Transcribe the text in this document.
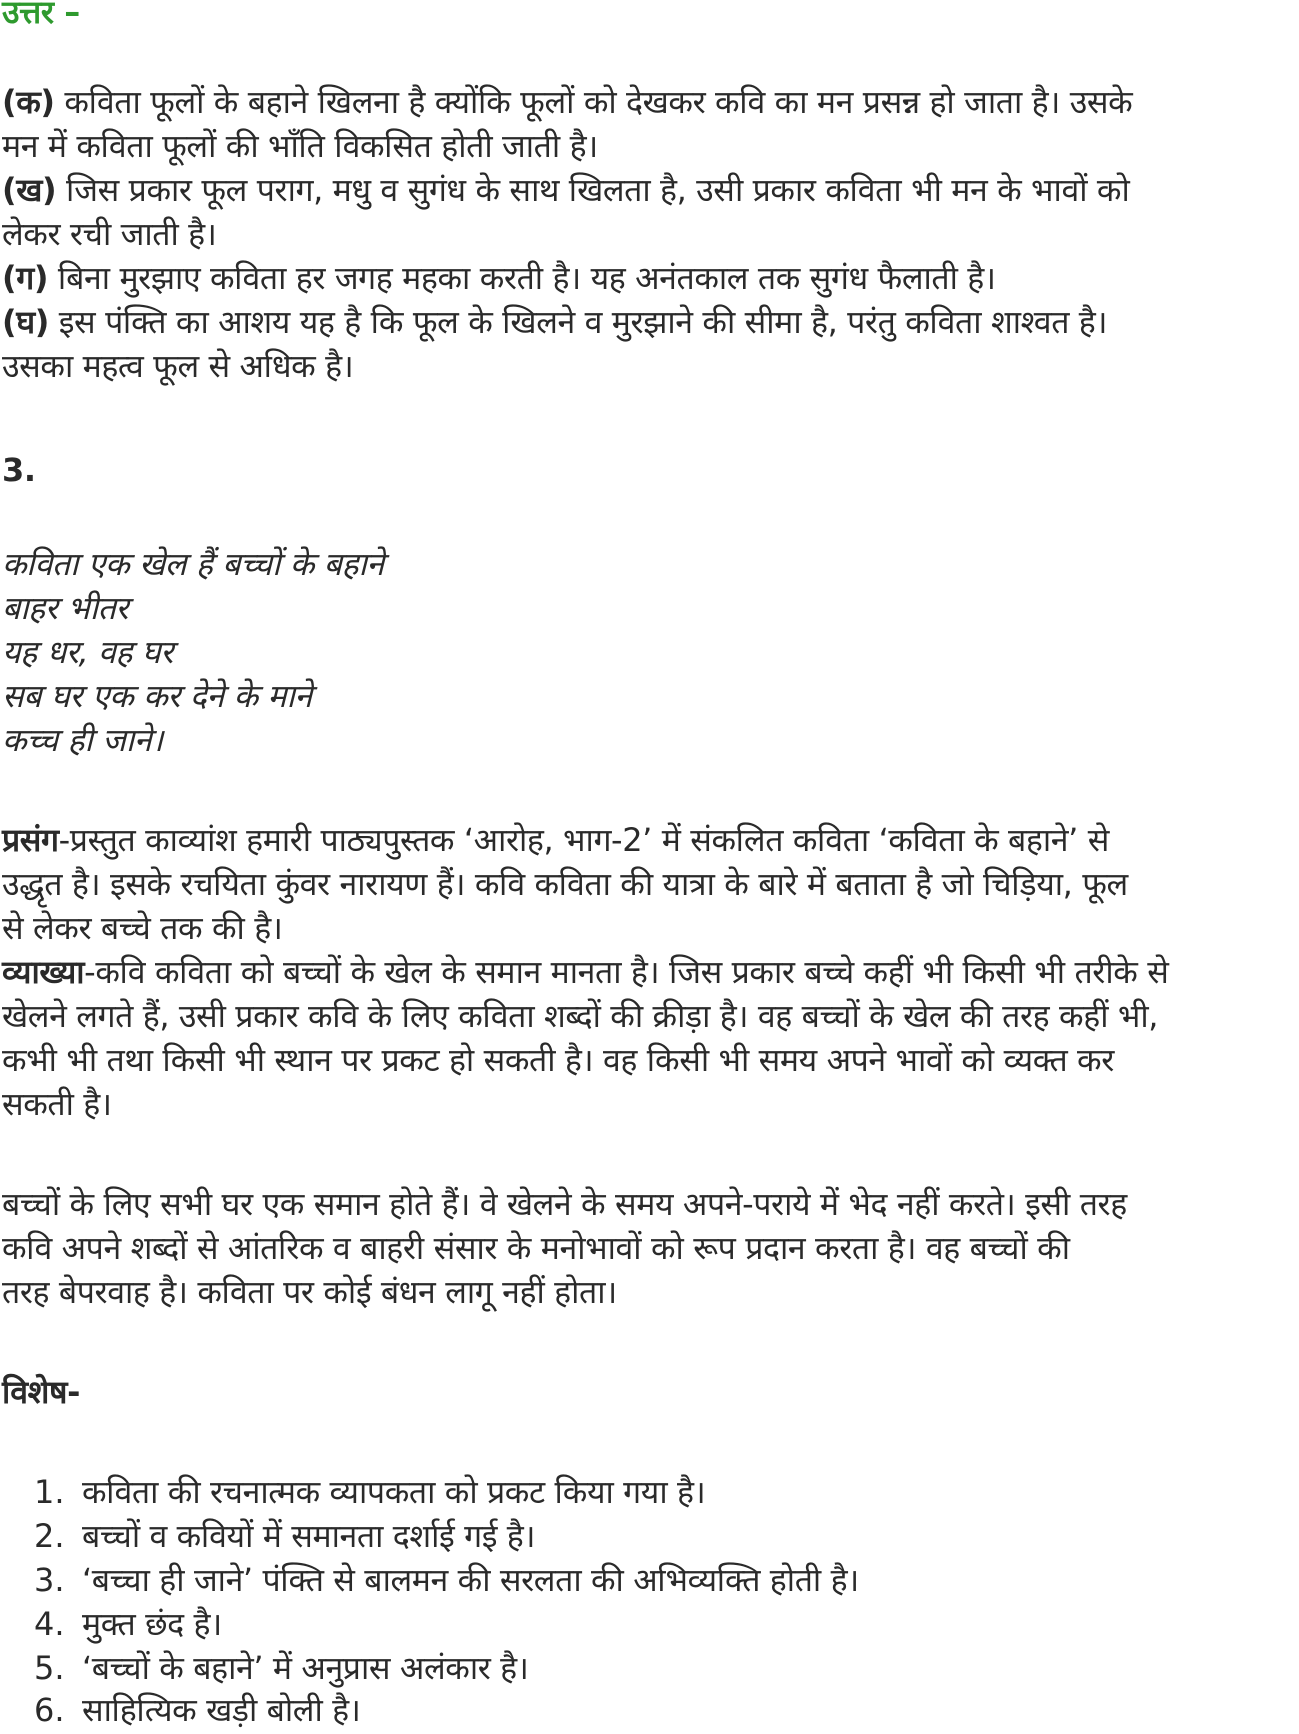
उत्तर –

(क) कविता फूलों के बहाने खिलना है क्योंकि फूलों को देखकर कवि का मन प्रसन्न हो जाता है। उसके

मन में कविता फूलों की भाँति विकसित होती जाती है।

(ख) जिस प्रकार फूल पराग, मधु व सुगंध के साथ खिलता है, उसी प्रकार कविता भी मन के भावों को

लेकर रची जाती है।

(ग) बिना मुरझाए कविता हर जगह महका करती है। यह अनंतकाल तक सुगंध फैलाती है।

(घ) इस पंक्ति का आशय यह है कि फूल के खिलने व मुरझाने की सीमा है, परंतु कविता शाश्वत है।

उसका महत्व फूल से अधिक है।

3.

कविता एक खेल हैं बच्चों के बहाने

बाहर भीतर

यह धर, वह घर

सब घर एक कर देने के माने

कच्च ही जाने।

प्रसंग-प्रस्तुत काव्यांश हमारी पाठ्यपुस्तक ‘आरोह, भाग-2’ में संकलित कविता ‘कविता के बहाने’ से

उद्धृत है। इसके रचयिता कुंवर नारायण हैं। कवि कविता की यात्रा के बारे में बताता है जो चिड़िया, फूल

से लेकर बच्चे तक की है।

व्याख्या-कवि कविता को बच्चों के खेल के समान मानता है। जिस प्रकार बच्चे कहीं भी किसी भी तरीके से

खेलने लगते हैं, उसी प्रकार कवि के लिए कविता शब्दों की क्रीड़ा है। वह बच्चों के खेल की तरह कहीं भी,

कभी भी तथा किसी भी स्थान पर प्रकट हो सकती है। वह किसी भी समय अपने भावों को व्यक्त कर

सकती है।

बच्चों के लिए सभी घर एक समान होते हैं। वे खेलने के समय अपने-पराये में भेद नहीं करते। इसी तरह

कवि अपने शब्दों से आंतरिक व बाहरी संसार के मनोभावों को रूप प्रदान करता है। वह बच्चों की

तरह बेपरवाह है। कविता पर कोई बंधन लागू नहीं होता।

विशेष-

1. कविता की रचनात्मक व्यापकता को प्रकट किया गया है।
2. बच्चों व कवियों में समानता दर्शाई गई है।
3. ‘बच्चा ही जाने’ पंक्ति से बालमन की सरलता की अभिव्यक्ति होती है।
4. मुक्त छंद है।
5. ‘बच्चों के बहाने’ में अनुप्रास अलंकार है।
6. साहित्यिक खड़ी बोली है।
